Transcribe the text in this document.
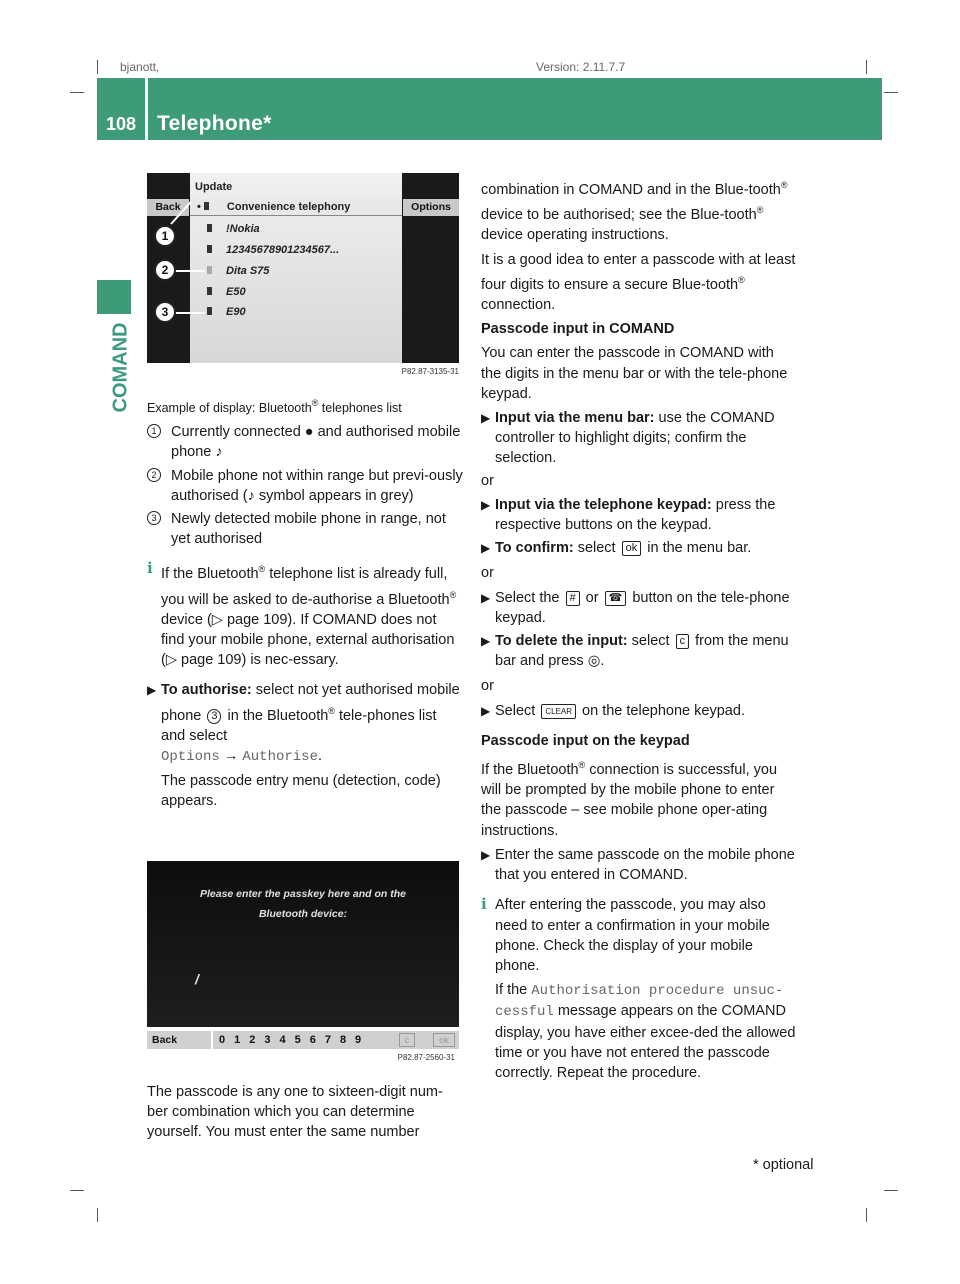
bjanott,	Version: 2.11.7.7
108 Telephone*
COMAND
Update
Back	Options
• Convenience telephony
!Nokia
12345678901234567...
Dita S75
E50
E90
1
2
3
P82.87-3135-31

Example of display: Bluetooth® telephones list

1	Currently connected ● and authorised mobile phone ♪
2	Mobile phone not within range but previ-ously authorised (♪ symbol appears in grey)
3	Newly detected mobile phone in range, not yet authorised
i If the Bluetooth® telephone list is already full, you will be asked to de-authorise a Bluetooth® device (▷ page 109). If COMAND does not find your mobile phone, external authorisation (▷ page 109) is nec-essary.
▶ To authorise: select not yet authorised mobile phone 3 in the Bluetooth® tele-phones list and select
Options → Authorise.

The passcode entry menu (detection, code) appears.

Please enter the passkey here and on the
Bluetooth device:
/
Back	0123456789	c	ok
P82.87-2560-31

The passcode is any one to sixteen-digit num-ber combination which you can determine yourself. You must enter the same number

combination in COMAND and in the Blue-tooth® device to be authorised; see the Blue-tooth® device operating instructions.

It is a good idea to enter a passcode with at least four digits to ensure a secure Blue-tooth® connection.

Passcode input in COMAND

You can enter the passcode in COMAND with the digits in the menu bar or with the tele-phone keypad.

▶ Input via the menu bar: use the COMAND controller to highlight digits; confirm the selection.

or

▶ Input via the telephone keypad: press the respective buttons on the keypad.
▶ To confirm: select ok in the menu bar.

or

▶ Select the # or ☎ button on the tele-phone keypad.
▶ To delete the input: select c from the menu bar and press ◎.

or

▶ Select CLEAR on the telephone keypad.

Passcode input on the keypad

If the Bluetooth® connection is successful, you will be prompted by the mobile phone to enter the passcode – see mobile phone oper-ating instructions.

▶ Enter the same passcode on the mobile phone that you entered in COMAND.
i After entering the passcode, you may also need to enter a confirmation in your mobile phone. Check the display of your mobile phone.

If the Authorisation procedure unsuc-cessful message appears on the COMAND display, you have either excee-ded the allowed time or you have not entered the passcode correctly. Repeat the procedure.

* optional
